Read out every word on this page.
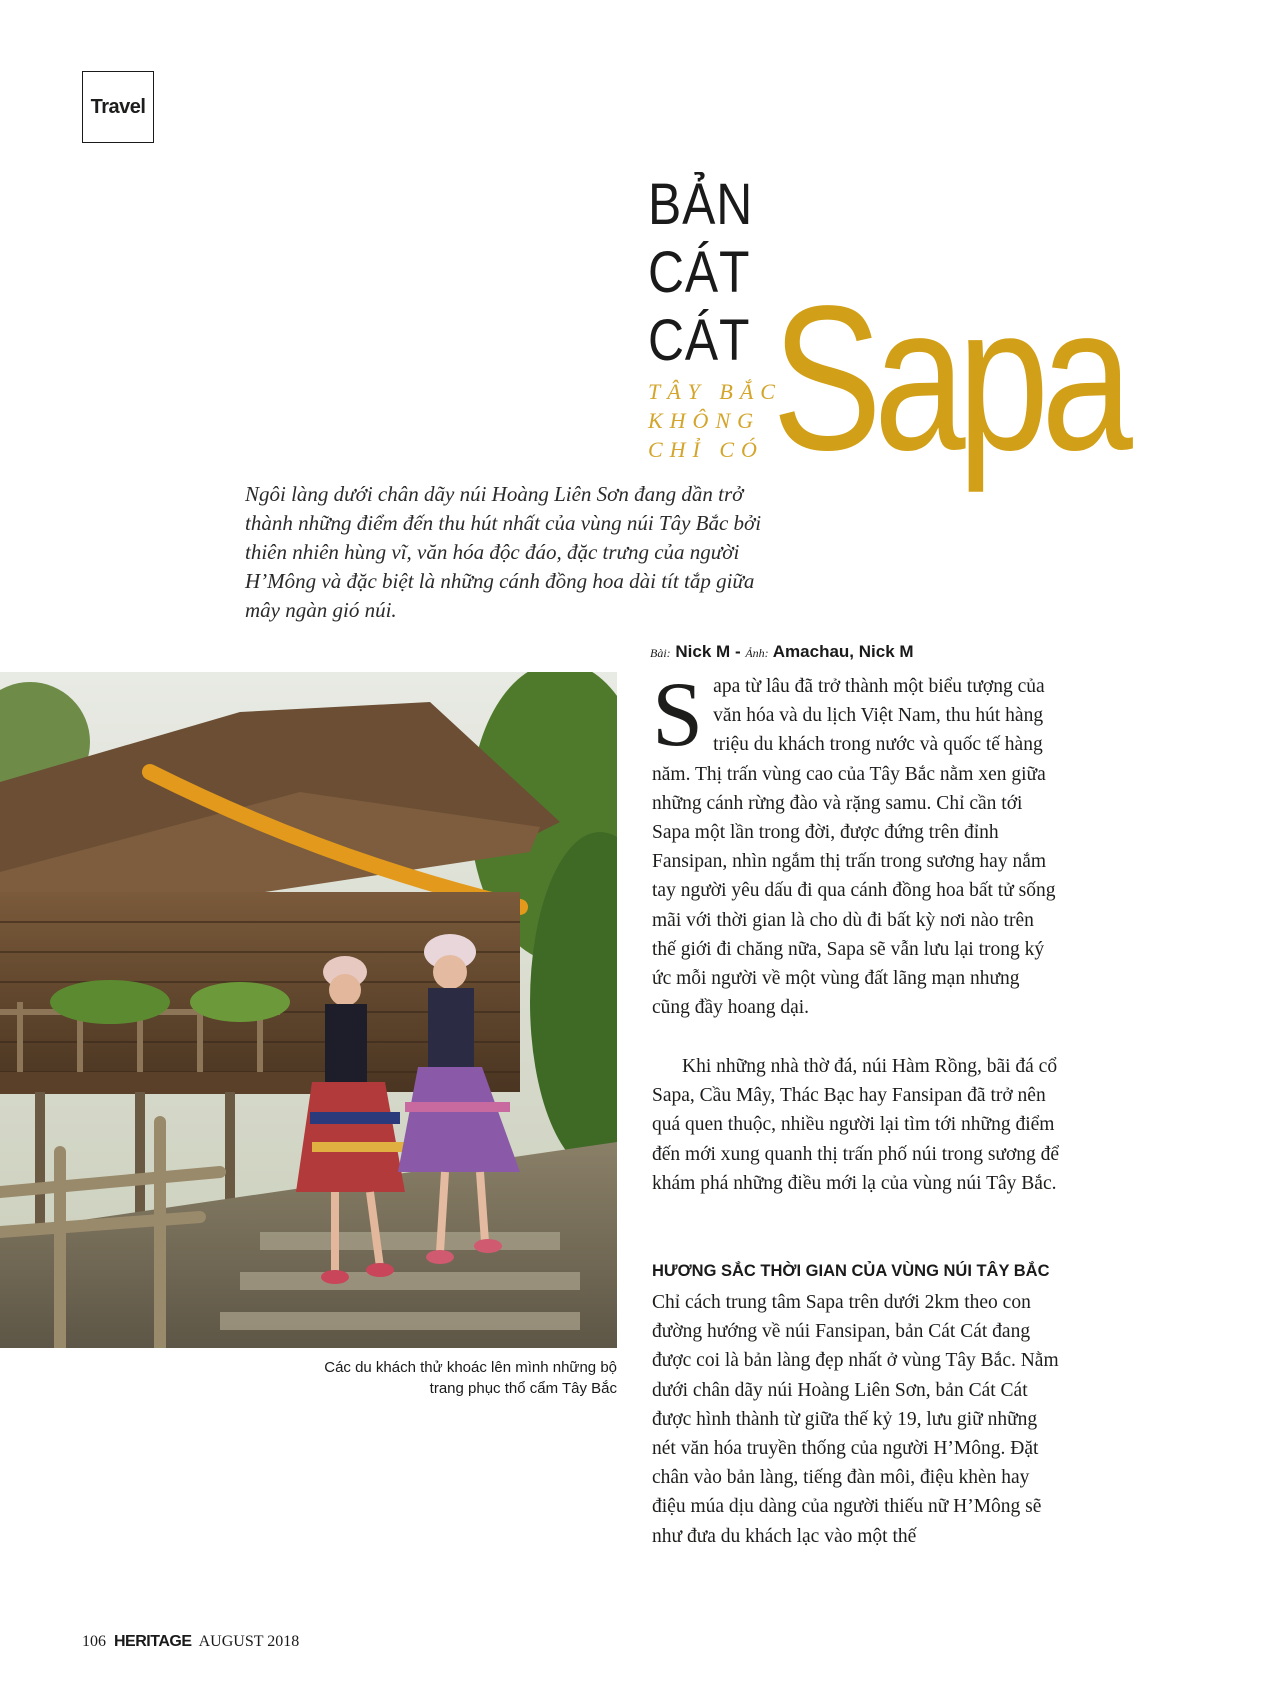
Travel
BẢN
CÁT
CÁT
TÂY BẮC
KHÔNG
CHỈ CÓ Sapa
Ngôi làng dưới chân dãy núi Hoàng Liên Sơn đang dần trở thành những điểm đến thu hút nhất của vùng núi Tây Bắc bởi thiên nhiên hùng vĩ, văn hóa độc đáo, đặc trưng của người H’Mông và đặc biệt là những cánh đồng hoa dài tít tắp giữa mây ngàn gió núi.
Bài: Nick M - Ảnh: Amachau, Nick M
Các du khách thử khoác lên mình những bộ trang phục thổ cẩm Tây Bắc
Sapa từ lâu đã trở thành một biểu tượng của văn hóa và du lịch Việt Nam, thu hút hàng triệu du khách trong nước và quốc tế hàng năm. Thị trấn vùng cao của Tây Bắc nằm xen giữa những cánh rừng đào và rặng samu. Chỉ cần tới Sapa một lần trong đời, được đứng trên đỉnh Fansipan, nhìn ngắm thị trấn trong sương hay nắm tay người yêu dấu đi qua cánh đồng hoa bất tử sống mãi với thời gian là cho dù đi bất kỳ nơi nào trên thế giới đi chăng nữa, Sapa sẽ vẫn lưu lại trong ký ức mỗi người về một vùng đất lãng mạn nhưng cũng đầy hoang dại.
Khi những nhà thờ đá, núi Hàm Rồng, bãi đá cổ Sapa, Cầu Mây, Thác Bạc hay Fansipan đã trở nên quá quen thuộc, nhiều người lại tìm tới những điểm đến mới xung quanh thị trấn phố núi trong sương để khám phá những điều mới lạ của vùng núi Tây Bắc.
HƯƠNG SẮC THỜI GIAN CỦA VÙNG NÚI TÂY BẮC
Chỉ cách trung tâm Sapa trên dưới 2km theo con đường hướng về núi Fansipan, bản Cát Cát đang được coi là bản làng đẹp nhất ở vùng Tây Bắc. Nằm dưới chân dãy núi Hoàng Liên Sơn, bản Cát Cát được hình thành từ giữa thế kỷ 19, lưu giữ những nét văn hóa truyền thống của người H’Mông. Đặt chân vào bản làng, tiếng đàn môi, điệu khèn hay điệu múa dịu dàng của người thiếu nữ H’Mông sẽ như đưa du khách lạc vào một thế
106 HERITAGE AUGUST 2018
